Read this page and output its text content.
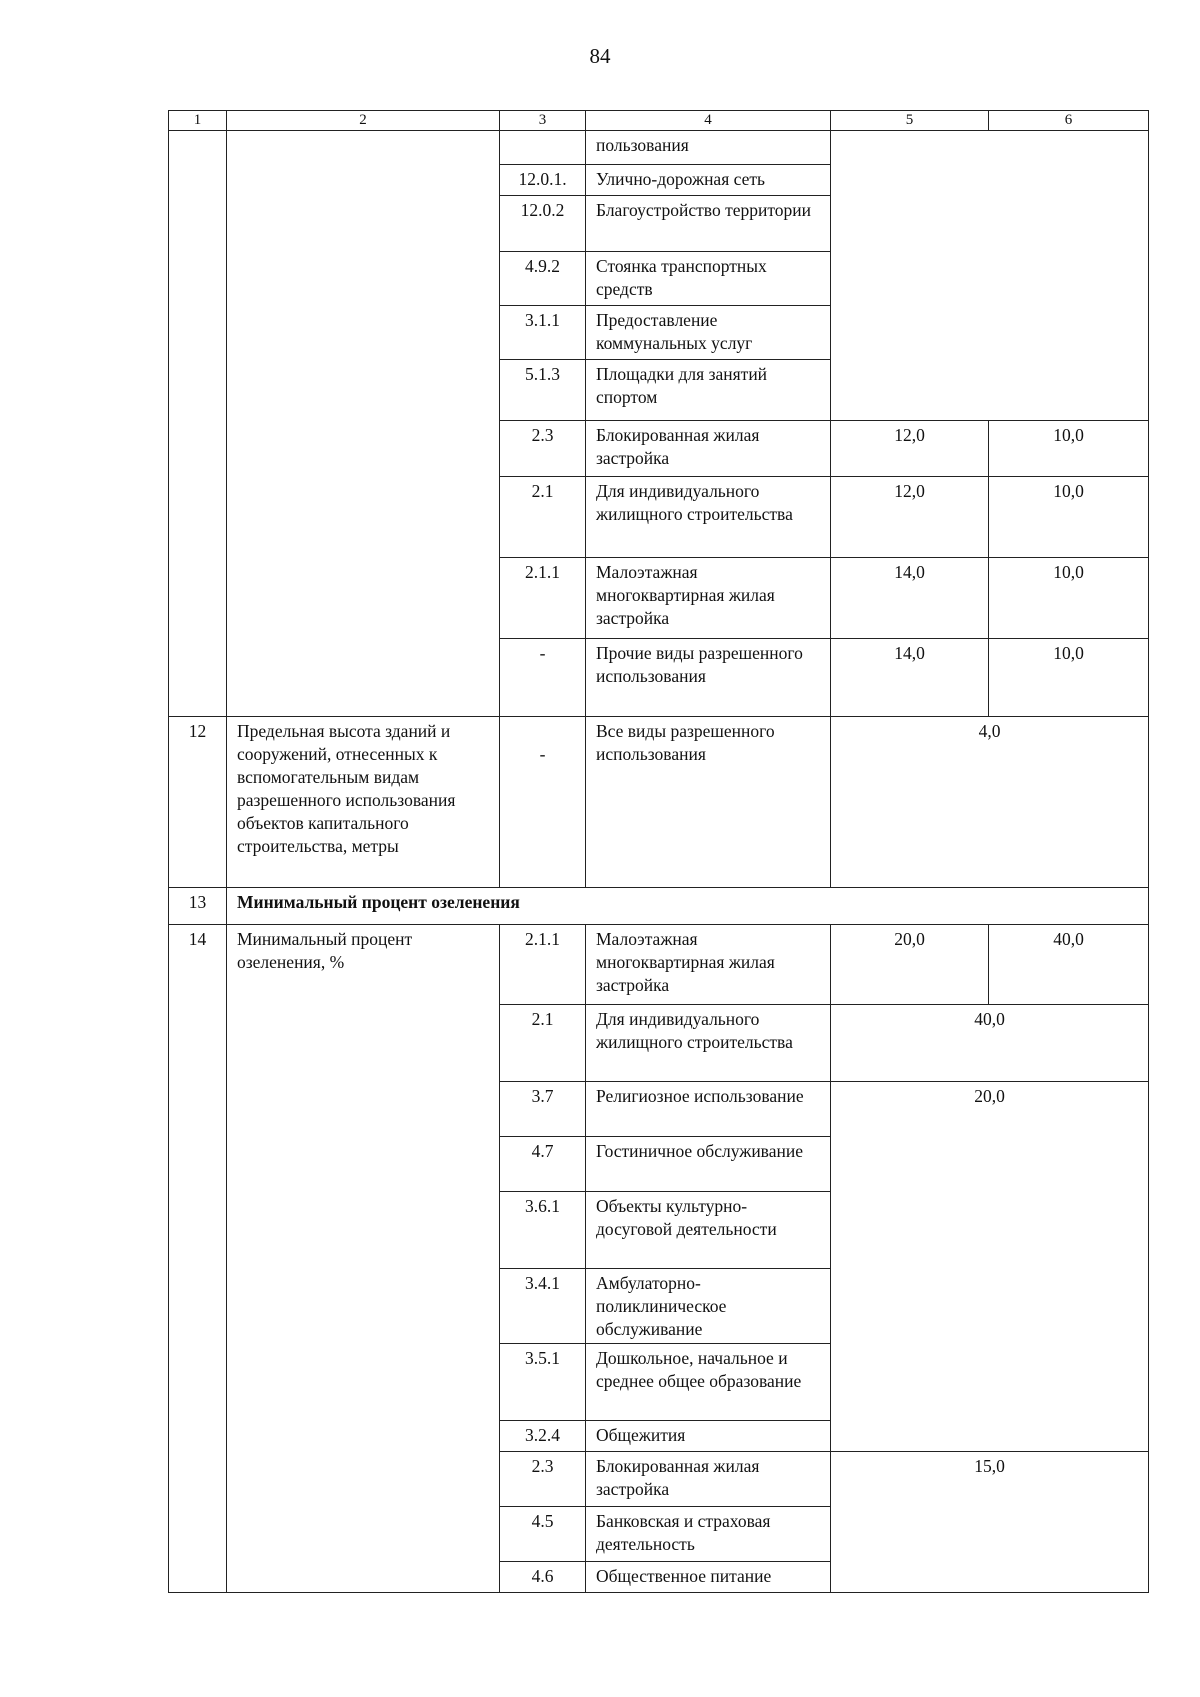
84
1	2	3	4	5	6
			пользования		
		12.0.1.	Улично-дорожная сеть		
		12.0.2	Благоустройство территории		
		4.9.2	Стоянка транспортных средств		
		3.1.1	Предоставление коммунальных услуг		
		5.1.3	Площадки для занятий спортом		
		2.3	Блокированная жилая застройка	12,0	10,0
		2.1	Для индивидуального жилищного строительства	12,0	10,0
		2.1.1	Малоэтажная многоквартирная жилая застройка	14,0	10,0
		-	Прочие виды разрешенного использования	14,0	10,0
12	Предельная высота зданий и сооружений, отнесенных к вспомогательным видам разрешенного использования объектов капитального строительства, метры	-	Все виды разрешенного использования	4,0	
13	Минимальный процент озеленения				
14	Минимальный процент озеленения, %	2.1.1	Малоэтажная многоквартирная жилая застройка	20,0	40,0
		2.1	Для индивидуального жилищного строительства	40,0	
		3.7	Религиозное использование	20,0	
		4.7	Гостиничное обслуживание		
		3.6.1	Объекты культурно-досуговой деятельности		
		3.4.1	Амбулаторно-поликлиническое обслуживание		
		3.5.1	Дошкольное, начальное и среднее общее образование		
		3.2.4	Общежития		
		2.3	Блокированная жилая застройка	15,0	
		4.5	Банковская и страховая деятельность		
		4.6	Общественное питание		
